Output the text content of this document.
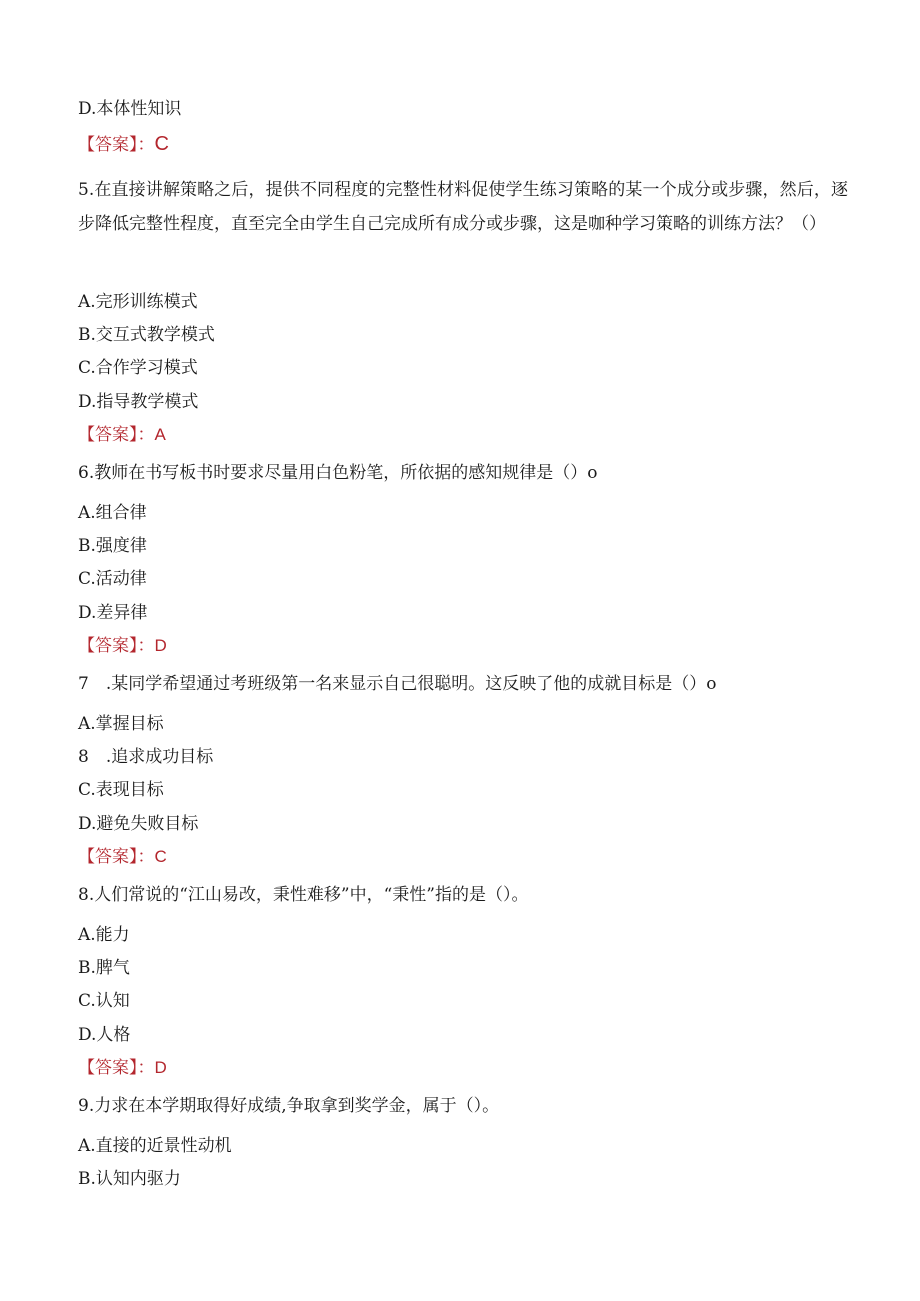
D.本体性知识
【答案】：C
5.在直接讲解策略之后，提供不同程度的完整性材料促使学生练习策略的某一个成分或步骤，然后，逐步降低完整性程度，直至完全由学生自己完成所有成分或步骤，这是咖种学习策略的训练方法？（）
A.完形训练模式
B.交互式教学模式
C.合作学习模式
D.指导教学模式
【答案】：A
6.教师在书写板书时要求尽量用白色粉笔，所依据的感知规律是（）o
A.组合律
B.强度律
C.活动律
D.差异律
【答案】：D
7　.某同学希望通过考班级第一名来显示自己很聪明。这反映了他的成就目标是（）o
A.掌握目标
8　.追求成功目标
C.表现目标
D.避免失败目标
【答案】：C
8.人们常说的“江山易改，秉性难移”中，“秉性”指的是（）。
A.能力
B.脾气
C.认知
D.人格
【答案】：D
9.力求在本学期取得好成绩,争取拿到奖学金，属于（）。
A.直接的近景性动机
B.认知内驱力
